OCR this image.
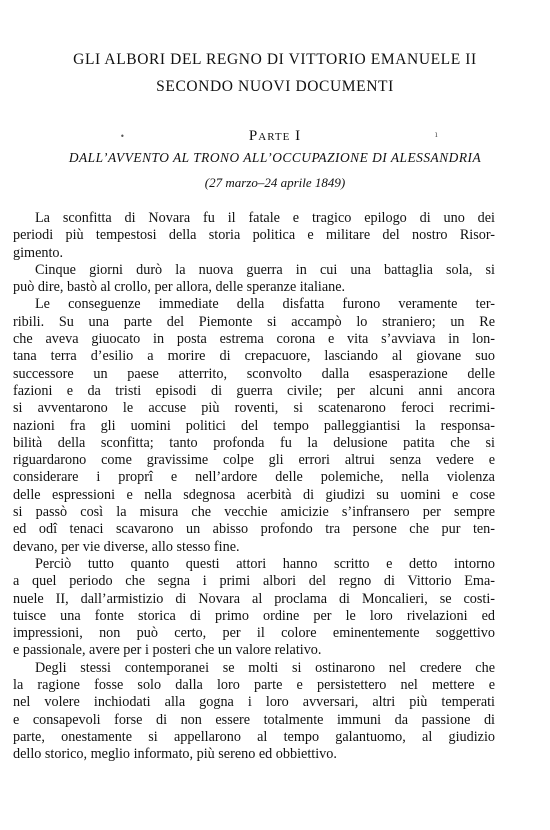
GLI ALBORI DEL REGNO DI VITTORIO EMANUELE II
SECONDO NUOVI DOCUMENTI
•	ı
Parte I
DALL’AVVENTO AL TRONO ALL’OCCUPAZIONE DI ALESSANDRIA
(27 marzo–24 aprile 1849)
La sconfitta di Novara fu il fatale e tragico epilogo di uno dei
periodi più tempestosi della storia politica e militare del nostro Risor-
gimento.
Cinque giorni durò la nuova guerra in cui una battaglia sola, si
può dire, bastò al crollo, per allora, delle speranze italiane.
Le conseguenze immediate della disfatta furono veramente ter-
ribili. Su una parte del Piemonte si accampò lo straniero; un Re
che aveva giuocato in posta estrema corona e vita s’avviava in lon-
tana terra d’esilio a morire di crepacuore, lasciando al giovane suo
successore un paese atterrito, sconvolto dalla esasperazione delle
fazioni e da tristi episodi di guerra civile; per alcuni anni ancora
si avventarono le accuse più roventi, si scatenarono feroci recrimi-
nazioni fra gli uomini politici del tempo palleggiantisi la responsa-
bilità della sconfitta; tanto profonda fu la delusione patita che si
riguardarono come gravissime colpe gli errori altrui senza vedere e
considerare i proprî e nell’ardore delle polemiche, nella violenza
delle espressioni e nella sdegnosa acerbità di giudizi su uomini e cose
si passò così la misura che vecchie amicizie s’infransero per sempre
ed odî tenaci scavarono un abisso profondo tra persone che pur ten-
devano, per vie diverse, allo stesso fine.
Perciò tutto quanto questi attori hanno scritto e detto intorno
a quel periodo che segna i primi albori del regno di Vittorio Ema-
nuele II, dall’armistizio di Novara al proclama di Moncalieri, se costi-
tuisce una fonte storica di primo ordine per le loro rivelazioni ed
impressioni, non può certo, per il colore eminentemente soggettivo
e passionale, avere per i posteri che un valore relativo.
Degli stessi contemporanei se molti si ostinarono nel credere che
la ragione fosse solo dalla loro parte e persistettero nel mettere e
nel volere inchiodati alla gogna i loro avversari, altri più temperati
e consapevoli forse di non essere totalmente immuni da passione di
parte, onestamente si appellarono al tempo galantuomo, al giudizio
dello storico, meglio informato, più sereno ed obbiettivo.
